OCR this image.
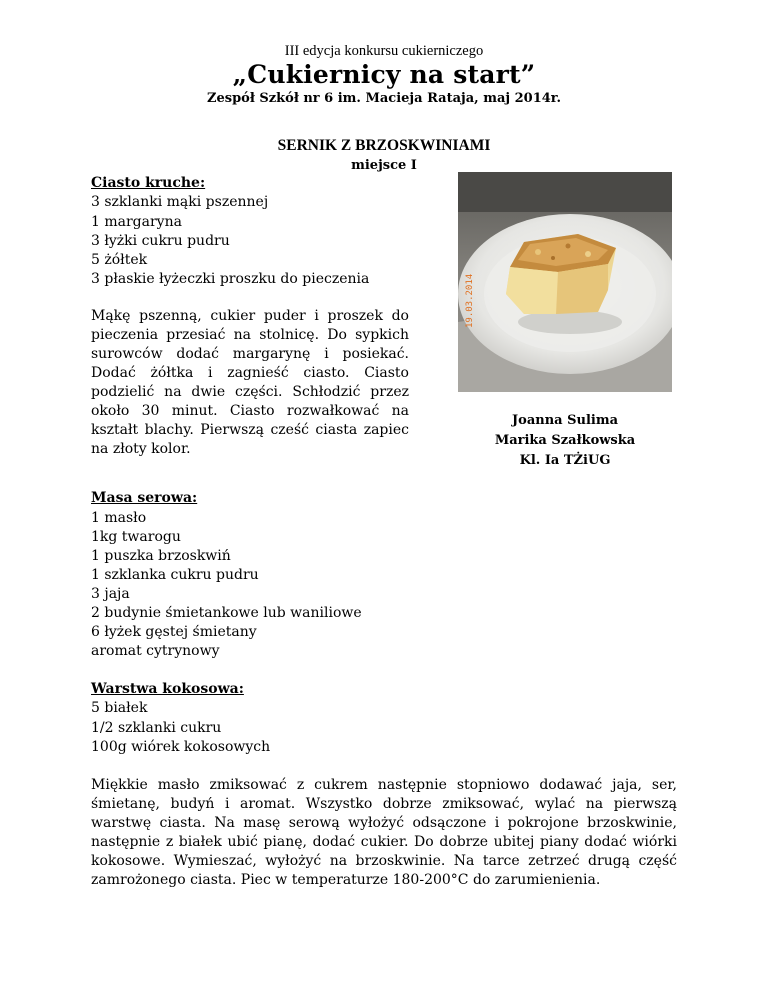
III edycja konkursu cukierniczego
„Cukiernicy na start”
Zespół Szkół nr 6 im. Macieja Rataja, maj 2014r.
SERNIK Z BRZOSKWINIAMI
miejsce I
Ciasto kruche:
3 szklanki mąki pszennej
1 margaryna
3 łyżki cukru pudru
5 żółtek
3 płaskie łyżeczki proszku do pieczenia
Mąkę pszenną, cukier puder i proszek do pieczenia przesiać na stolnicę. Do sypkich surowców dodać margarynę i posiekać. Dodać żółtka i zagnieść ciasto. Ciasto podzielić na dwie części. Schłodzić przez około 30 minut. Ciasto rozwałkować na kształt blachy. Pierwszą cześć ciasta zapiec na złoty kolor.
19.03.2014
Joanna Sulima
Marika Szałkowska
Kl. Ia TŻiUG
Masa serowa:
1 masło
1kg twarogu
1 puszka brzoskwiń
1 szklanka cukru pudru
3 jaja
2 budynie śmietankowe lub waniliowe
6 łyżek gęstej śmietany
aromat cytrynowy
Warstwa kokosowa:
5 białek
1/2 szklanki cukru
100g wiórek kokosowych
Miękkie masło zmiksować z cukrem następnie stopniowo dodawać jaja, ser, śmietanę, budyń i aromat. Wszystko dobrze zmiksować, wylać na pierwszą warstwę ciasta. Na masę serową wyłożyć odsączone i pokrojone brzoskwinie, następnie z białek ubić pianę, dodać cukier. Do dobrze ubitej piany dodać wiórki kokosowe. Wymieszać, wyłożyć na brzoskwinie. Na tarce zetrzeć drugą część zamrożonego ciasta. Piec w temperaturze 180-200°C do zarumienienia.
